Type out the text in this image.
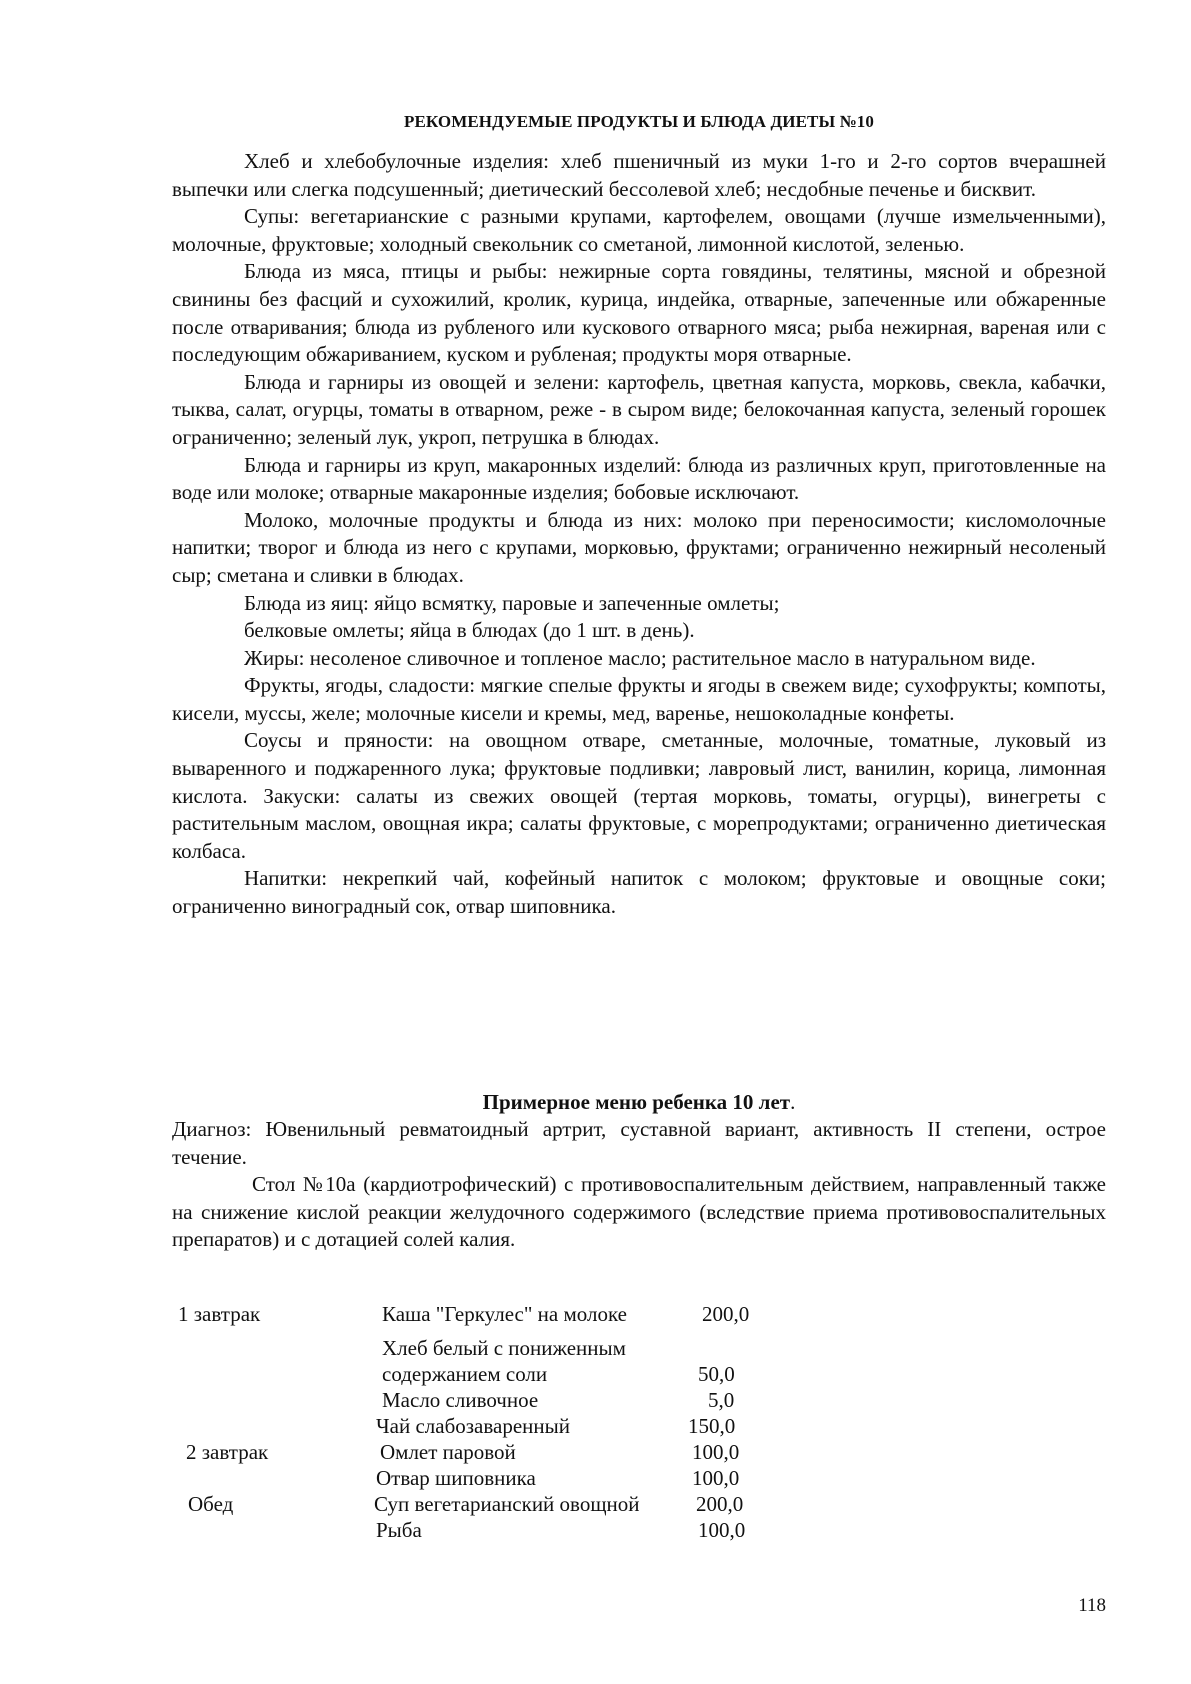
РЕКОМЕНДУЕМЫЕ ПРОДУКТЫ И БЛЮДА ДИЕТЫ №10

Хлеб и хлебобулочные изделия: хлеб пшеничный из муки 1-го и 2-го сортов вчерашней выпечки или слегка подсушенный; диетический бессолевой хлеб; несдобные печенье и бисквит.

Супы: вегетарианские с разными крупами, картофелем, овощами (лучше измельченными), молочные, фруктовые; холодный свекольник со сметаной, лимонной кислотой, зеленью.

Блюда из мяса, птицы и рыбы: нежирные сорта говядины, телятины, мясной и обрезной свинины без фасций и сухожилий, кролик, курица, индейка, отварные, запеченные или обжаренные после отваривания; блюда из рубленого или кускового отварного мяса; рыба нежирная, вареная или с последующим обжариванием, куском и рубленая; продукты моря отварные.

Блюда и гарниры из овощей и зелени: картофель, цветная капуста, морковь, свекла, кабачки, тыква, салат, огурцы, томаты в отварном, реже - в сыром виде; белокочанная капуста, зеленый горошек ограниченно; зеленый лук, укроп, петрушка в блюдах.

Блюда и гарниры из круп, макаронных изделий: блюда из различных круп, приготовленные на воде или молоке; отварные макаронные изделия; бобовые исключают.

Молоко, молочные продукты и блюда из них: молоко при переносимости; кисломолочные напитки; творог и блюда из него с крупами, морковью, фруктами; ограниченно нежирный несоленый сыр; сметана и сливки в блюдах.

Блюда из яиц: яйцо всмятку, паровые и запеченные омлеты;

белковые омлеты; яйца в блюдах (до 1 шт. в день).

Жиры: несоленое сливочное и топленое масло; растительное масло в натуральном виде.

Фрукты, ягоды, сладости: мягкие спелые фрукты и ягоды в свежем виде; сухофрукты; компоты, кисели, муссы, желе; молочные кисели и кремы, мед, варенье, нешоколадные конфеты.

Соусы и пряности: на овощном отваре, сметанные, молочные, томатные, луковый из вываренного и поджаренного лука; фруктовые подливки; лавровый лист, ванилин, корица, лимонная кислота. Закуски: салаты из свежих овощей (тертая морковь, томаты, огурцы), винегреты с растительным маслом, овощная икра; салаты фруктовые, с морепродуктами; ограниченно диетическая колбаса.

Напитки: некрепкий чай, кофейный напиток с молоком; фруктовые и овощные соки; ограниченно виноградный сок, отвар шиповника.

Примерное меню ребенка 10 лет.

Диагноз: Ювенильный ревматоидный артрит, суставной вариант, активность II степени, острое течение.

Стол №10а (кардиотрофический) с противовоспалительным действием, направленный также на снижение кислой реакции желудочного содержимого (вследствие приема противовоспалительных препаратов) и с дотацией солей калия.

1 завтрак	Каша "Геркулес" на молоке	200,0
Хлеб белый с пониженным
содержанием соли	50,0
Масло сливочное	5,0
Чай слабозаваренный	150,0
2 завтрак	Омлет паровой	100,0
Отвар шиповника	100,0
Обед	Суп вегетарианский овощной	200,0
Рыба	100,0
118
